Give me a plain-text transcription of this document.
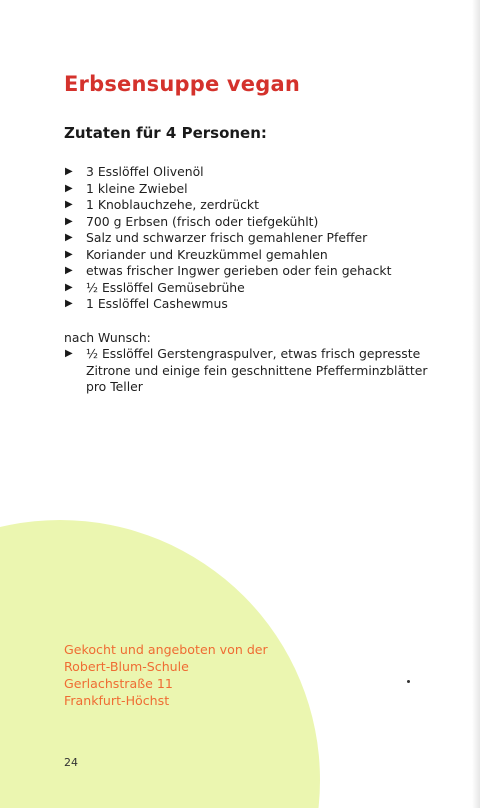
Erbsensuppe vegan
Zutaten für 4 Personen:
▶ 3 Esslöffel Olivenöl
▶ 1 kleine Zwiebel
▶ 1 Knoblauchzehe, zerdrückt
▶ 700 g Erbsen (frisch oder tiefgekühlt)
▶ Salz und schwarzer frisch gemahlener Pfeffer
▶ Koriander und Kreuzkümmel gemahlen
▶ etwas frischer Ingwer gerieben oder fein gehackt
▶ ½ Esslöffel Gemüsebrühe
▶ 1 Esslöffel Cashewmus
nach Wunsch:
▶ ½ Esslöffel Gerstengraspulver, etwas frisch gepresste Zitrone und einige fein geschnittene Pfefferminzblätter pro Teller
Gekocht und angeboten von der
Robert-Blum-Schule
Gerlachstraße 11
Frankfurt-Höchst
24
